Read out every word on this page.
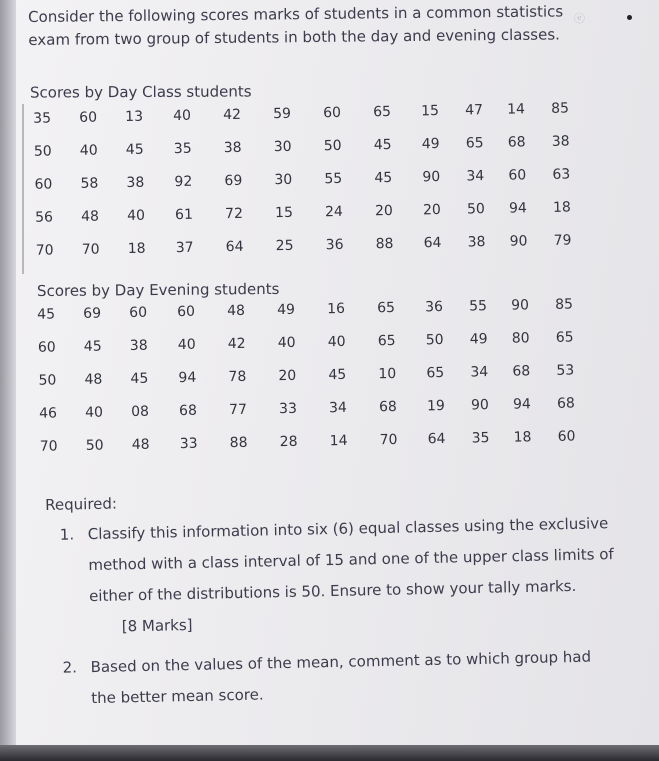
ⓔ
Consider the following scores marks of students in a common statistics exam from two group of students in both the day and evening classes.
Scores by Day Class students
35	60	13	40	42	59	60	65	15	47	14	85
50	40	45	35	38	30	50	45	49	65	68	38
60	58	38	92	69	30	55	45	90	34	60	63
56	48	40	61	72	15	24	20	20	50	94	18
70	70	18	37	64	25	36	88	64	38	90	79
Scores by Day Evening students
45	69	60	60	48	49	16	65	36	55	90	85
60	45	38	40	42	40	40	65	50	49	80	65
50	48	45	94	78	20	45	10	65	34	68	53
46	40	08	68	77	33	34	68	19	90	94	68
70	50	48	33	88	28	14	70	64	35	18	60
Required:
1. Classify this information into six (6) equal classes using the exclusive method with a class interval of 15 and one of the upper class limits of either of the distributions is 50. Ensure to show your tally marks.
[8 Marks]
2. Based on the values of the mean, comment as to which group had the better mean score.
